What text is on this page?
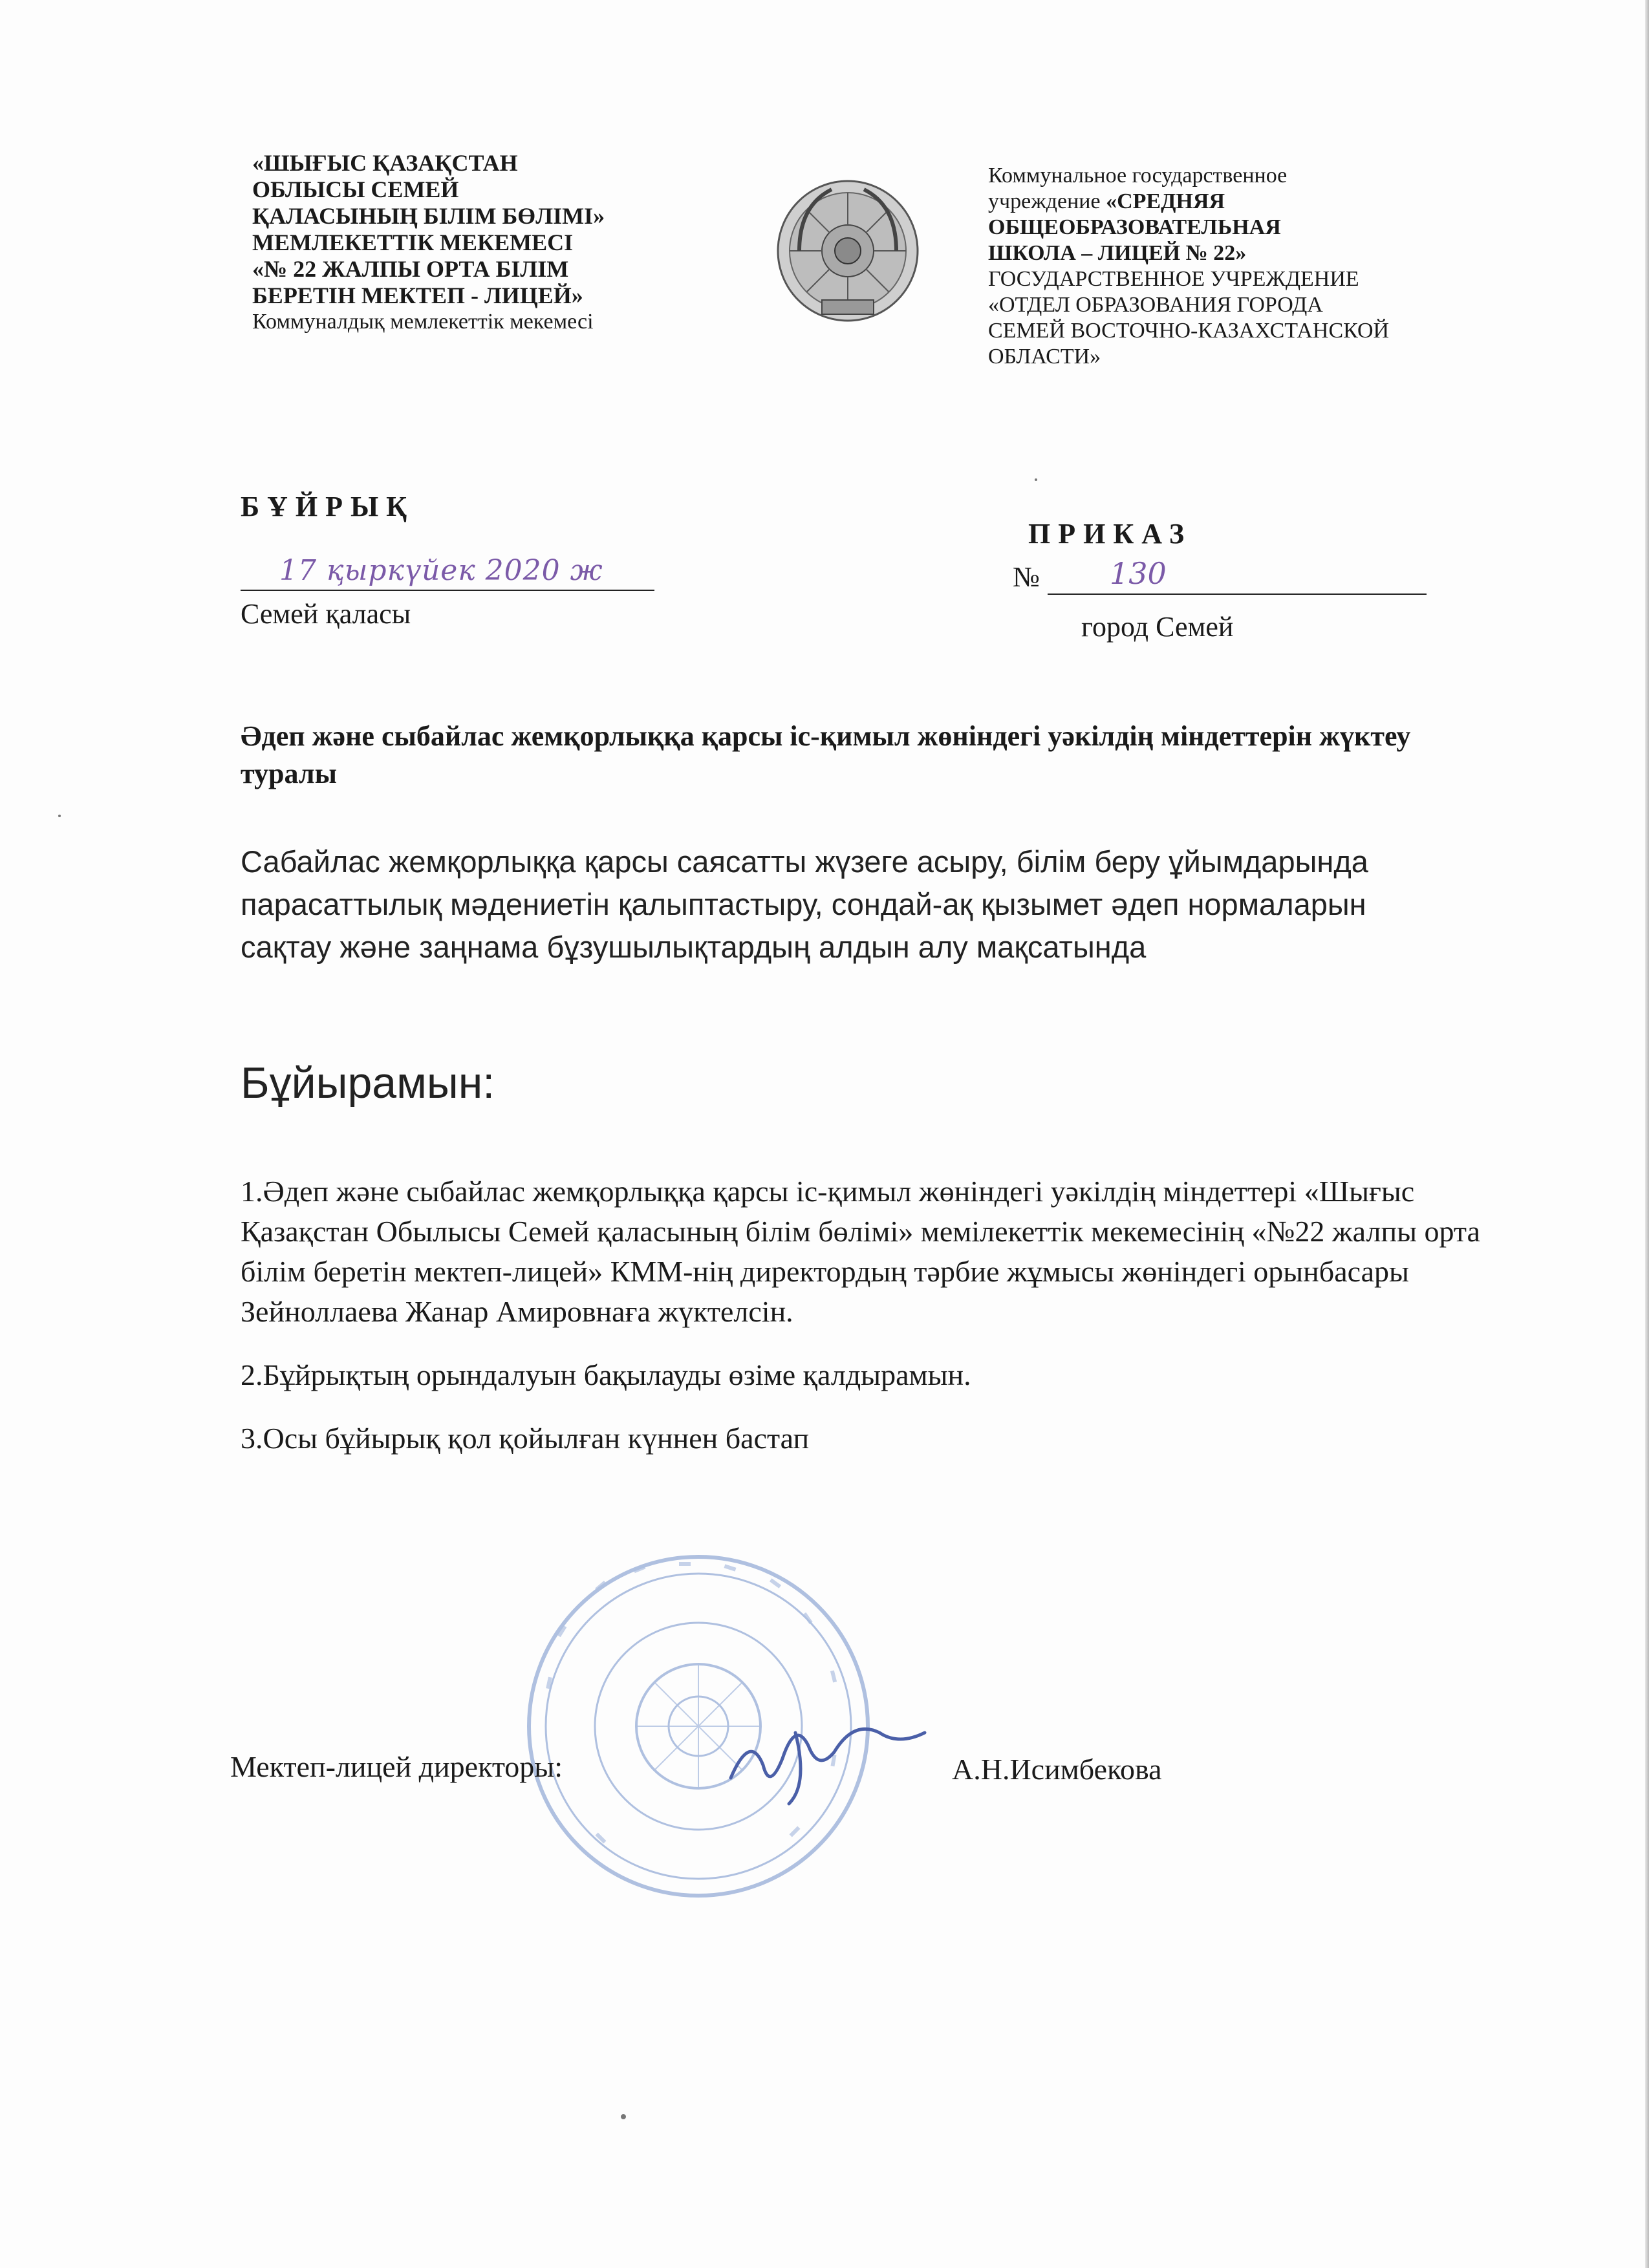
«ШЫҒЫС ҚАЗАҚСТАН

ОБЛЫСЫ СЕМЕЙ

ҚАЛАСЫНЫҢ БІЛІМ БӨЛІМІ»

МЕМЛЕКЕТТІК МЕКЕМЕСІ

«№ 22 ЖАЛПЫ ОРТА БІЛІМ

БЕРЕТІН МЕКТЕП - ЛИЦЕЙ»

Коммуналдық мемлекеттік мекемесі

Коммунальное государственное

учреждение «СРЕДНЯЯ

ОБЩЕОБРАЗОВАТЕЛЬНАЯ

ШКОЛА – ЛИЦЕЙ № 22»

ГОСУДАРСТВЕННОЕ УЧРЕЖДЕНИЕ

«ОТДЕЛ ОБРАЗОВАНИЯ ГОРОДА

СЕМЕЙ ВОСТОЧНО-КАЗАХСТАНСКОЙ

ОБЛАСТИ»

БҰЙРЫҚ
ПРИКАЗ
17 қыркүйек 2020 ж	№ 130
Семей қаласы	город Семей
Әдеп және сыбайлас жемқорлыққа қарсы іс-қимыл жөніндегі уәкілдің міндеттерін жүктеу туралы
Сабайлас жемқорлыққа қарсы саясатты жүзеге асыру, білім беру ұйымдарында парасаттылық мәдениетін қалыптастыру, сондай-ақ қызымет әдеп нормаларын сақтау және заңнама бұзушылықтардың алдын алу мақсатында
Бұйырамын:

1.Әдеп және сыбайлас жемқорлыққа қарсы іс-қимыл жөніндегі уәкілдің міндеттері «Шығыс Қазақстан Обылысы Семей қаласының білім бөлімі» мемілекеттік мекемесінің «№22 жалпы орта білім беретін мектеп-лицей» КММ-нің директордың тәрбие жұмысы жөніндегі орынбасары Зейноллаева Жанар Амировнаға жүктелсін.

2.Бұйрықтың орындалуын бақылауды өзіме қалдырамын.

3.Осы бұйырық қол қойылған күннен бастап

Мектеп-лицей директоры:	А.Н.Исимбекова
